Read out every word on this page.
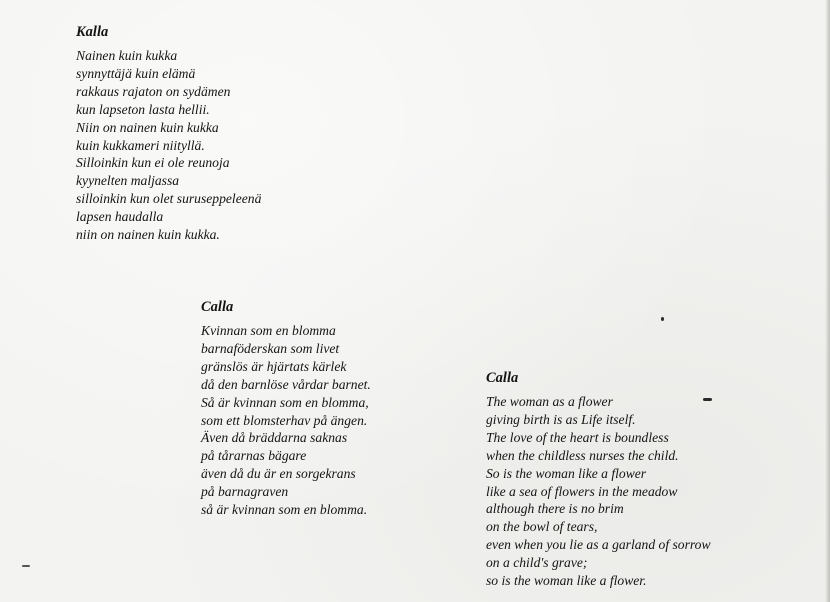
Kalla
Nainen kuin kukka
synnyttäjä kuin elämä
rakkaus rajaton on sydämen
kun lapseton lasta hellii.
Niin on nainen kuin kukka
kuin kukkameri niityllä.
Silloinkin kun ei ole reunoja
kyynelten maljassa
silloinkin kun olet suruseppeleenä
lapsen haudalla
niin on nainen kuin kukka.
Calla
Kvinnan som en blomma
barnaföderskan som livet
gränslös är hjärtats kärlek
då den barnlöse vårdar barnet.
Så är kvinnan som en blomma,
som ett blomsterhav på ängen.
Även då bräddarna saknas
på tårarnas bägare
även då du är en sorgekrans
på barnagraven
så är kvinnan som en blomma.
Calla
The woman as a flower
giving birth is as Life itself.
The love of the heart is boundless
when the childless nurses the child.
So is the woman like a flower
like a sea of flowers in the meadow
although there is no brim
on the bowl of tears,
even when you lie as a garland of sorrow
on a child's grave;
so is the woman like a flower.
